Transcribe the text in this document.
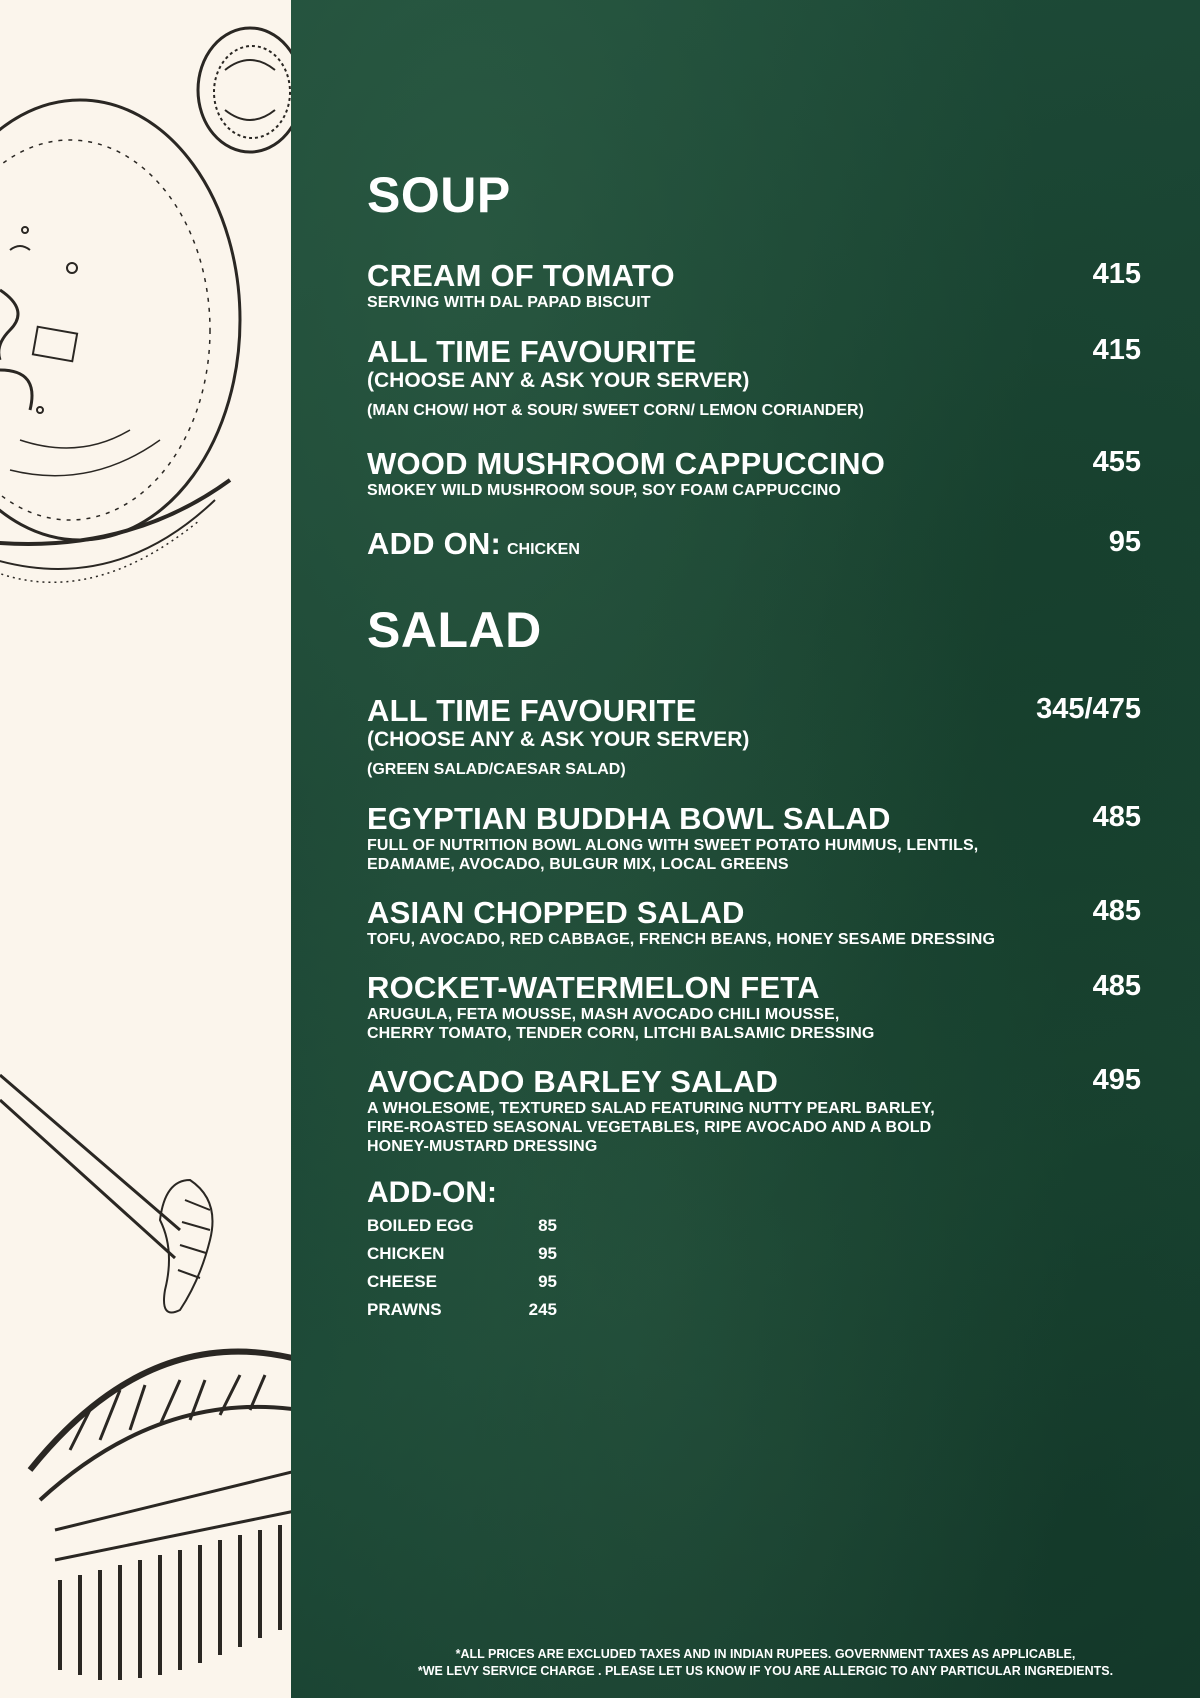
SOUP
CREAM OF TOMATO
SERVING WITH DAL PAPAD BISCUIT
415
ALL TIME FAVOURITE
(CHOOSE ANY & ASK YOUR SERVER)
(MAN CHOW/ HOT & SOUR/ SWEET CORN/ LEMON CORIANDER)
415
WOOD MUSHROOM CAPPUCCINO
SMOKEY WILD MUSHROOM SOUP, SOY FOAM CAPPUCCINO
455
ADD ON: CHICKEN	95
SALAD
ALL TIME FAVOURITE
(CHOOSE ANY & ASK YOUR SERVER)
(GREEN SALAD/CAESAR SALAD)
345/475
EGYPTIAN BUDDHA BOWL SALAD
FULL OF NUTRITION BOWL ALONG WITH SWEET POTATO HUMMUS, LENTILS,
EDAMAME, AVOCADO, BULGUR MIX, LOCAL GREENS
485
ASIAN CHOPPED SALAD
TOFU, AVOCADO, RED CABBAGE, FRENCH BEANS, HONEY SESAME DRESSING
485
ROCKET-WATERMELON FETA
ARUGULA, FETA MOUSSE, MASH AVOCADO CHILI MOUSSE,
CHERRY TOMATO, TENDER CORN, LITCHI BALSAMIC DRESSING
485
AVOCADO BARLEY SALAD
A WHOLESOME, TEXTURED SALAD FEATURING NUTTY PEARL BARLEY,
FIRE-ROASTED SEASONAL VEGETABLES, RIPE AVOCADO AND A BOLD
HONEY-MUSTARD DRESSING
495
ADD-ON:
BOILED EGG	85
CHICKEN	95
CHEESE	95
PRAWNS	245
*ALL PRICES ARE EXCLUDED TAXES AND IN INDIAN RUPEES. GOVERNMENT TAXES AS APPLICABLE,
*WE LEVY SERVICE CHARGE . PLEASE LET US KNOW IF YOU ARE ALLERGIC TO ANY PARTICULAR INGREDIENTS.
